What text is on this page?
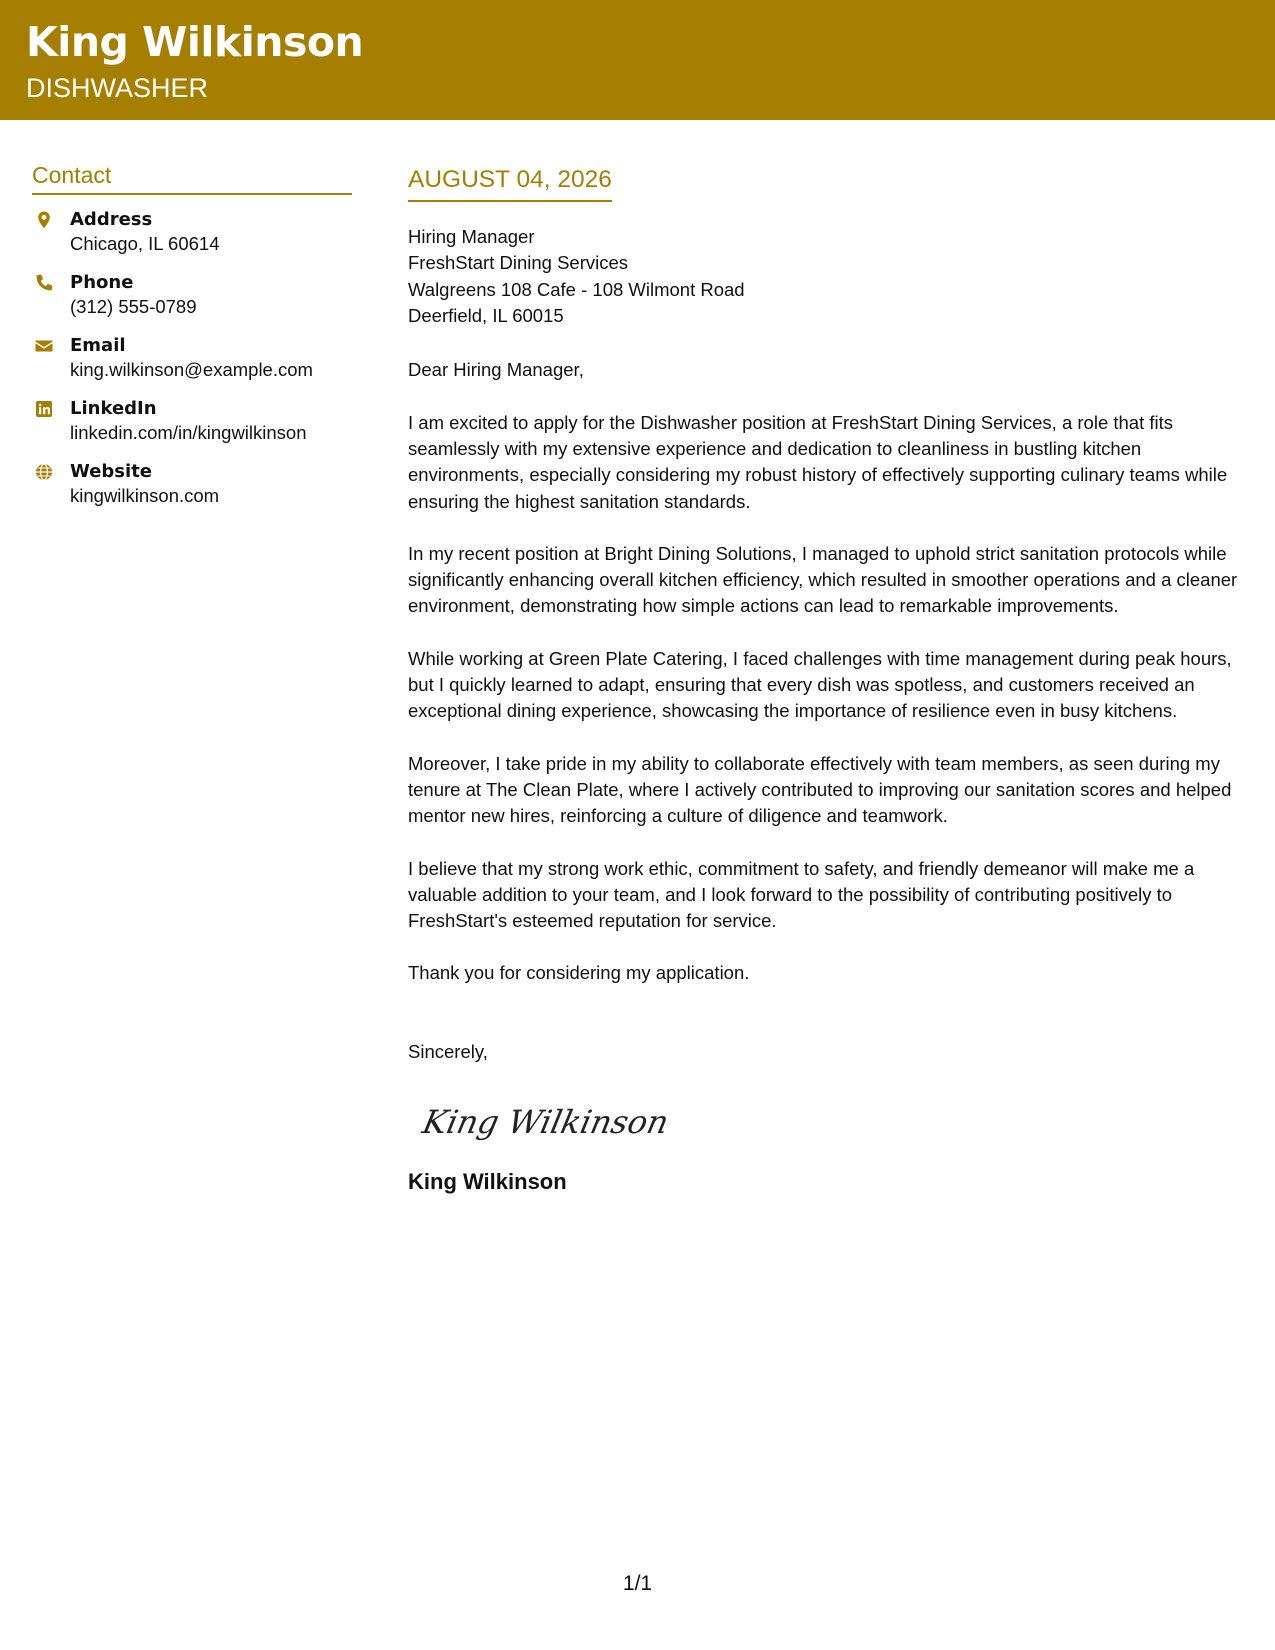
King Wilkinson
DISHWASHER
Contact
Address
Chicago, IL 60614
Phone
(312) 555-0789
Email
king.wilkinson@example.com
LinkedIn
linkedin.com/in/kingwilkinson
Website
kingwilkinson.com
AUGUST 04, 2026
Hiring Manager
FreshStart Dining Services
Walgreens 108 Cafe - 108 Wilmont Road
Deerfield, IL 60015
Dear Hiring Manager,
I am excited to apply for the Dishwasher position at FreshStart Dining Services, a role that fits seamlessly with my extensive experience and dedication to cleanliness in bustling kitchen environments, especially considering my robust history of effectively supporting culinary teams while ensuring the highest sanitation standards.
In my recent position at Bright Dining Solutions, I managed to uphold strict sanitation protocols while significantly enhancing overall kitchen efficiency, which resulted in smoother operations and a cleaner environment, demonstrating how simple actions can lead to remarkable improvements.
While working at Green Plate Catering, I faced challenges with time management during peak hours, but I quickly learned to adapt, ensuring that every dish was spotless, and customers received an exceptional dining experience, showcasing the importance of resilience even in busy kitchens.
Moreover, I take pride in my ability to collaborate effectively with team members, as seen during my tenure at The Clean Plate, where I actively contributed to improving our sanitation scores and helped mentor new hires, reinforcing a culture of diligence and teamwork.
I believe that my strong work ethic, commitment to safety, and friendly demeanor will make me a valuable addition to your team, and I look forward to the possibility of contributing positively to FreshStart's esteemed reputation for service.
Thank you for considering my application.
Sincerely,
King Wilkinson
King Wilkinson
1/1
